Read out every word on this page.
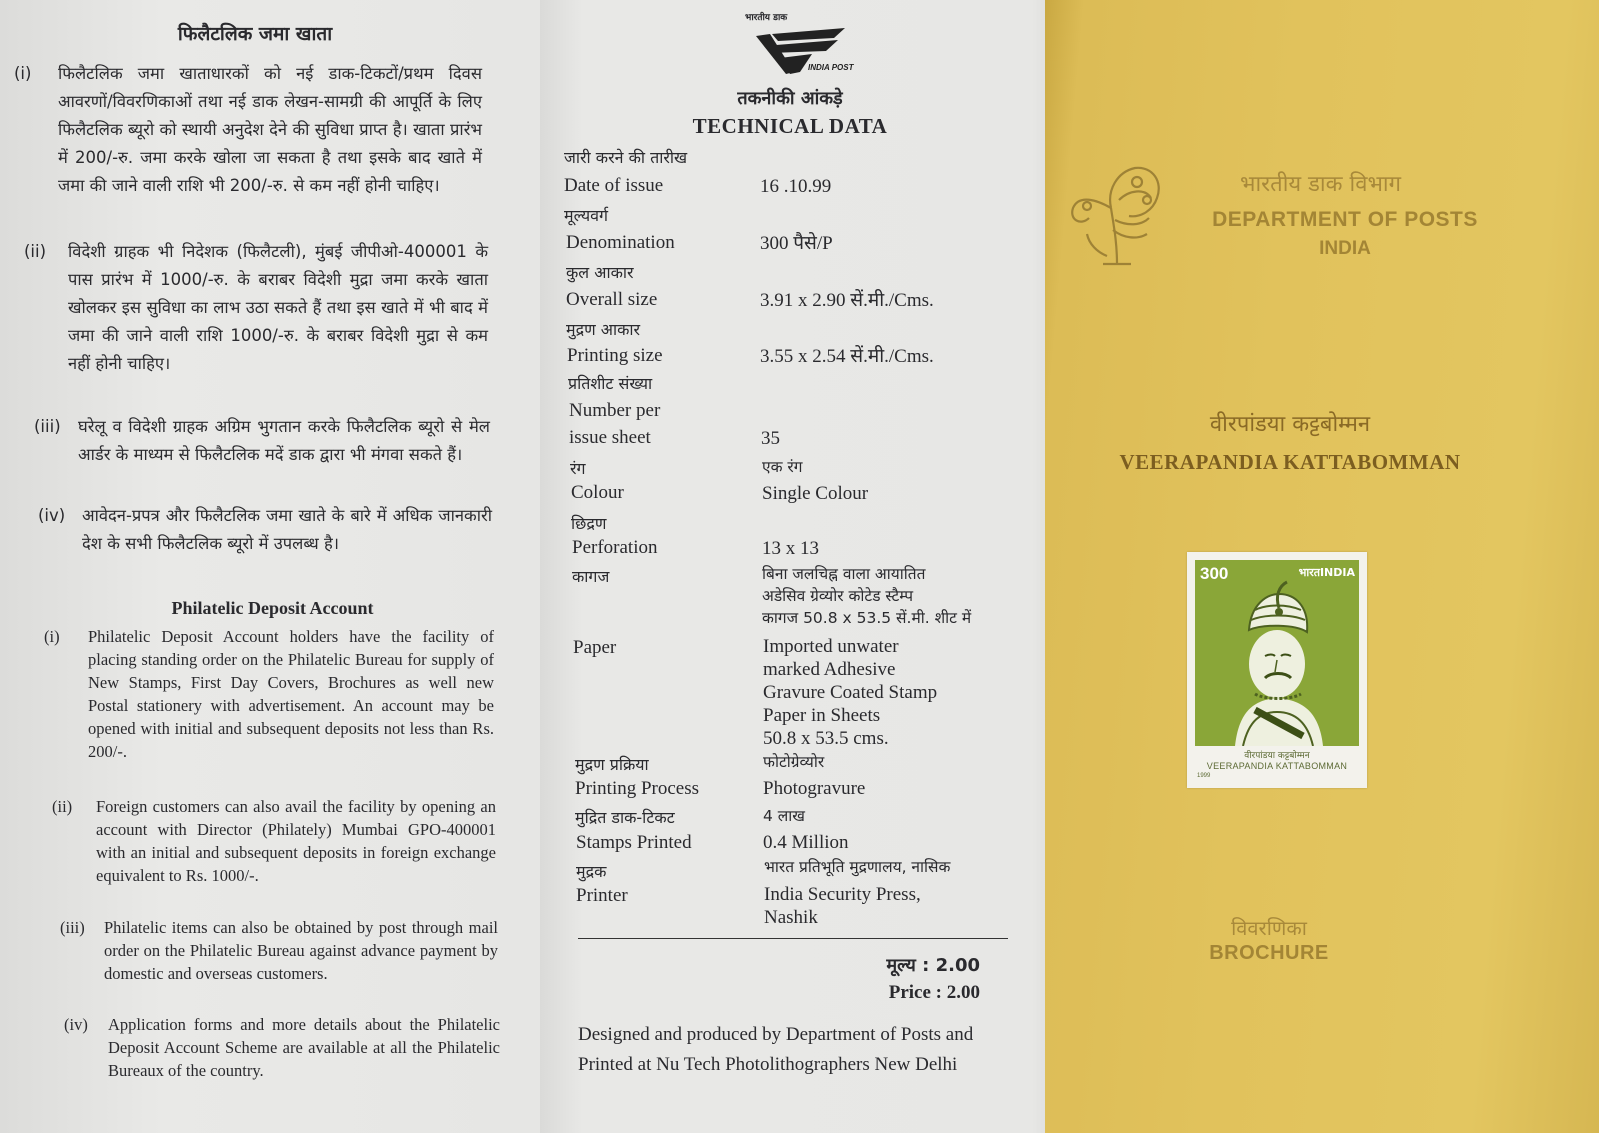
फिलैटलिक जमा खाता
(i) फिलैटलिक जमा खाताधारकों को नई डाक-टिकटों/प्रथम दिवस आवरणों/विवरणिकाओं तथा नई डाक लेखन-सामग्री की आपूर्ति के लिए फिलैटलिक ब्यूरो को स्थायी अनुदेश देने की सुविधा प्राप्त है। खाता प्रारंभ में 200/-रु. जमा करके खोला जा सकता है तथा इसके बाद खाते में जमा की जाने वाली राशि भी 200/-रु. से कम नहीं होनी चाहिए।
(ii) विदेशी ग्राहक भी निदेशक (फिलैटली), मुंबई जीपीओ-400001 के पास प्रारंभ में 1000/-रु. के बराबर विदेशी मुद्रा जमा करके खाता खोलकर इस सुविधा का लाभ उठा सकते हैं तथा इस खाते में भी बाद में जमा की जाने वाली राशि 1000/-रु. के बराबर विदेशी मुद्रा से कम नहीं होनी चाहिए।
(iii) घरेलू व विदेशी ग्राहक अग्रिम भुगतान करके फिलैटलिक ब्यूरो से मेल आर्डर के माध्यम से फिलैटलिक मदें डाक द्वारा भी मंगवा सकते हैं।
(iv) आवेदन-प्रपत्र और फिलैटलिक जमा खाते के बारे में अधिक जानकारी देश के सभी फिलैटलिक ब्यूरो में उपलब्ध है।
Philatelic Deposit Account
(i) Philatelic Deposit Account holders have the facility of placing standing order on the Philatelic Bureau for supply of New Stamps, First Day Covers, Brochures as well new Postal stationery with advertisement. An account may be opened with initial and subsequent deposits not less than Rs. 200/-.
(ii) Foreign customers can also avail the facility by opening an account with Director (Philately) Mumbai GPO-400001 with an initial and subsequent deposits in foreign exchange equivalent to Rs. 1000/-.
(iii) Philatelic items can also be obtained by post through mail order on the Philatelic Bureau against advance payment by domestic and overseas customers.
(iv) Application forms and more details about the Philatelic Deposit Account Scheme are available at all the Philatelic Bureaux of the country.
भारतीय डाक
INDIA POST
तकनीकी आंकड़े
TECHNICAL DATA
जारी करने की तारीख
Date of issue	16 .10.99
मूल्यवर्ग
Denomination	300 पैसे/P
कुल आकार
Overall size	3.91 x 2.90 सें.मी./Cms.
मुद्रण आकार
Printing size	3.55 x 2.54 सें.मी./Cms.
प्रतिशीट संख्या
Number per
issue sheet	35
रंग	एक रंग
Colour	Single Colour
छिद्रण
Perforation	13 x 13
कागज	बिना जलचिह्न वाला आयातित
अडेसिव ग्रेव्योर कोटेड स्टैम्प
कागज 50.8 x 53.5 सें.मी. शीट में
Paper	Imported unwater
marked Adhesive
Gravure Coated Stamp
Paper in Sheets
50.8 x 53.5 cms.
मुद्रण प्रक्रिया	फोटोग्रेव्योर
Printing Process	Photogravure
मुद्रित डाक-टिकट	4 लाख
Stamps Printed	0.4 Million
मुद्रक	भारत प्रतिभूति मुद्रणालय, नासिक
Printer	India Security Press,
Nashik
मूल्य : 2.00
Price : 2.00
Designed and produced by Department of Posts and Printed at Nu Tech Photolithographers New Delhi
भारतीय डाक विभाग
DEPARTMENT OF POSTS
INDIA
वीरपांडया कट्टबोम्मन
VEERAPANDIA KATTABOMMAN
300	भारतINDIA
वीरपांडया कट्टबोम्मन
VEERAPANDIA KATTABOMMAN
1999
विवरणिका
BROCHURE
